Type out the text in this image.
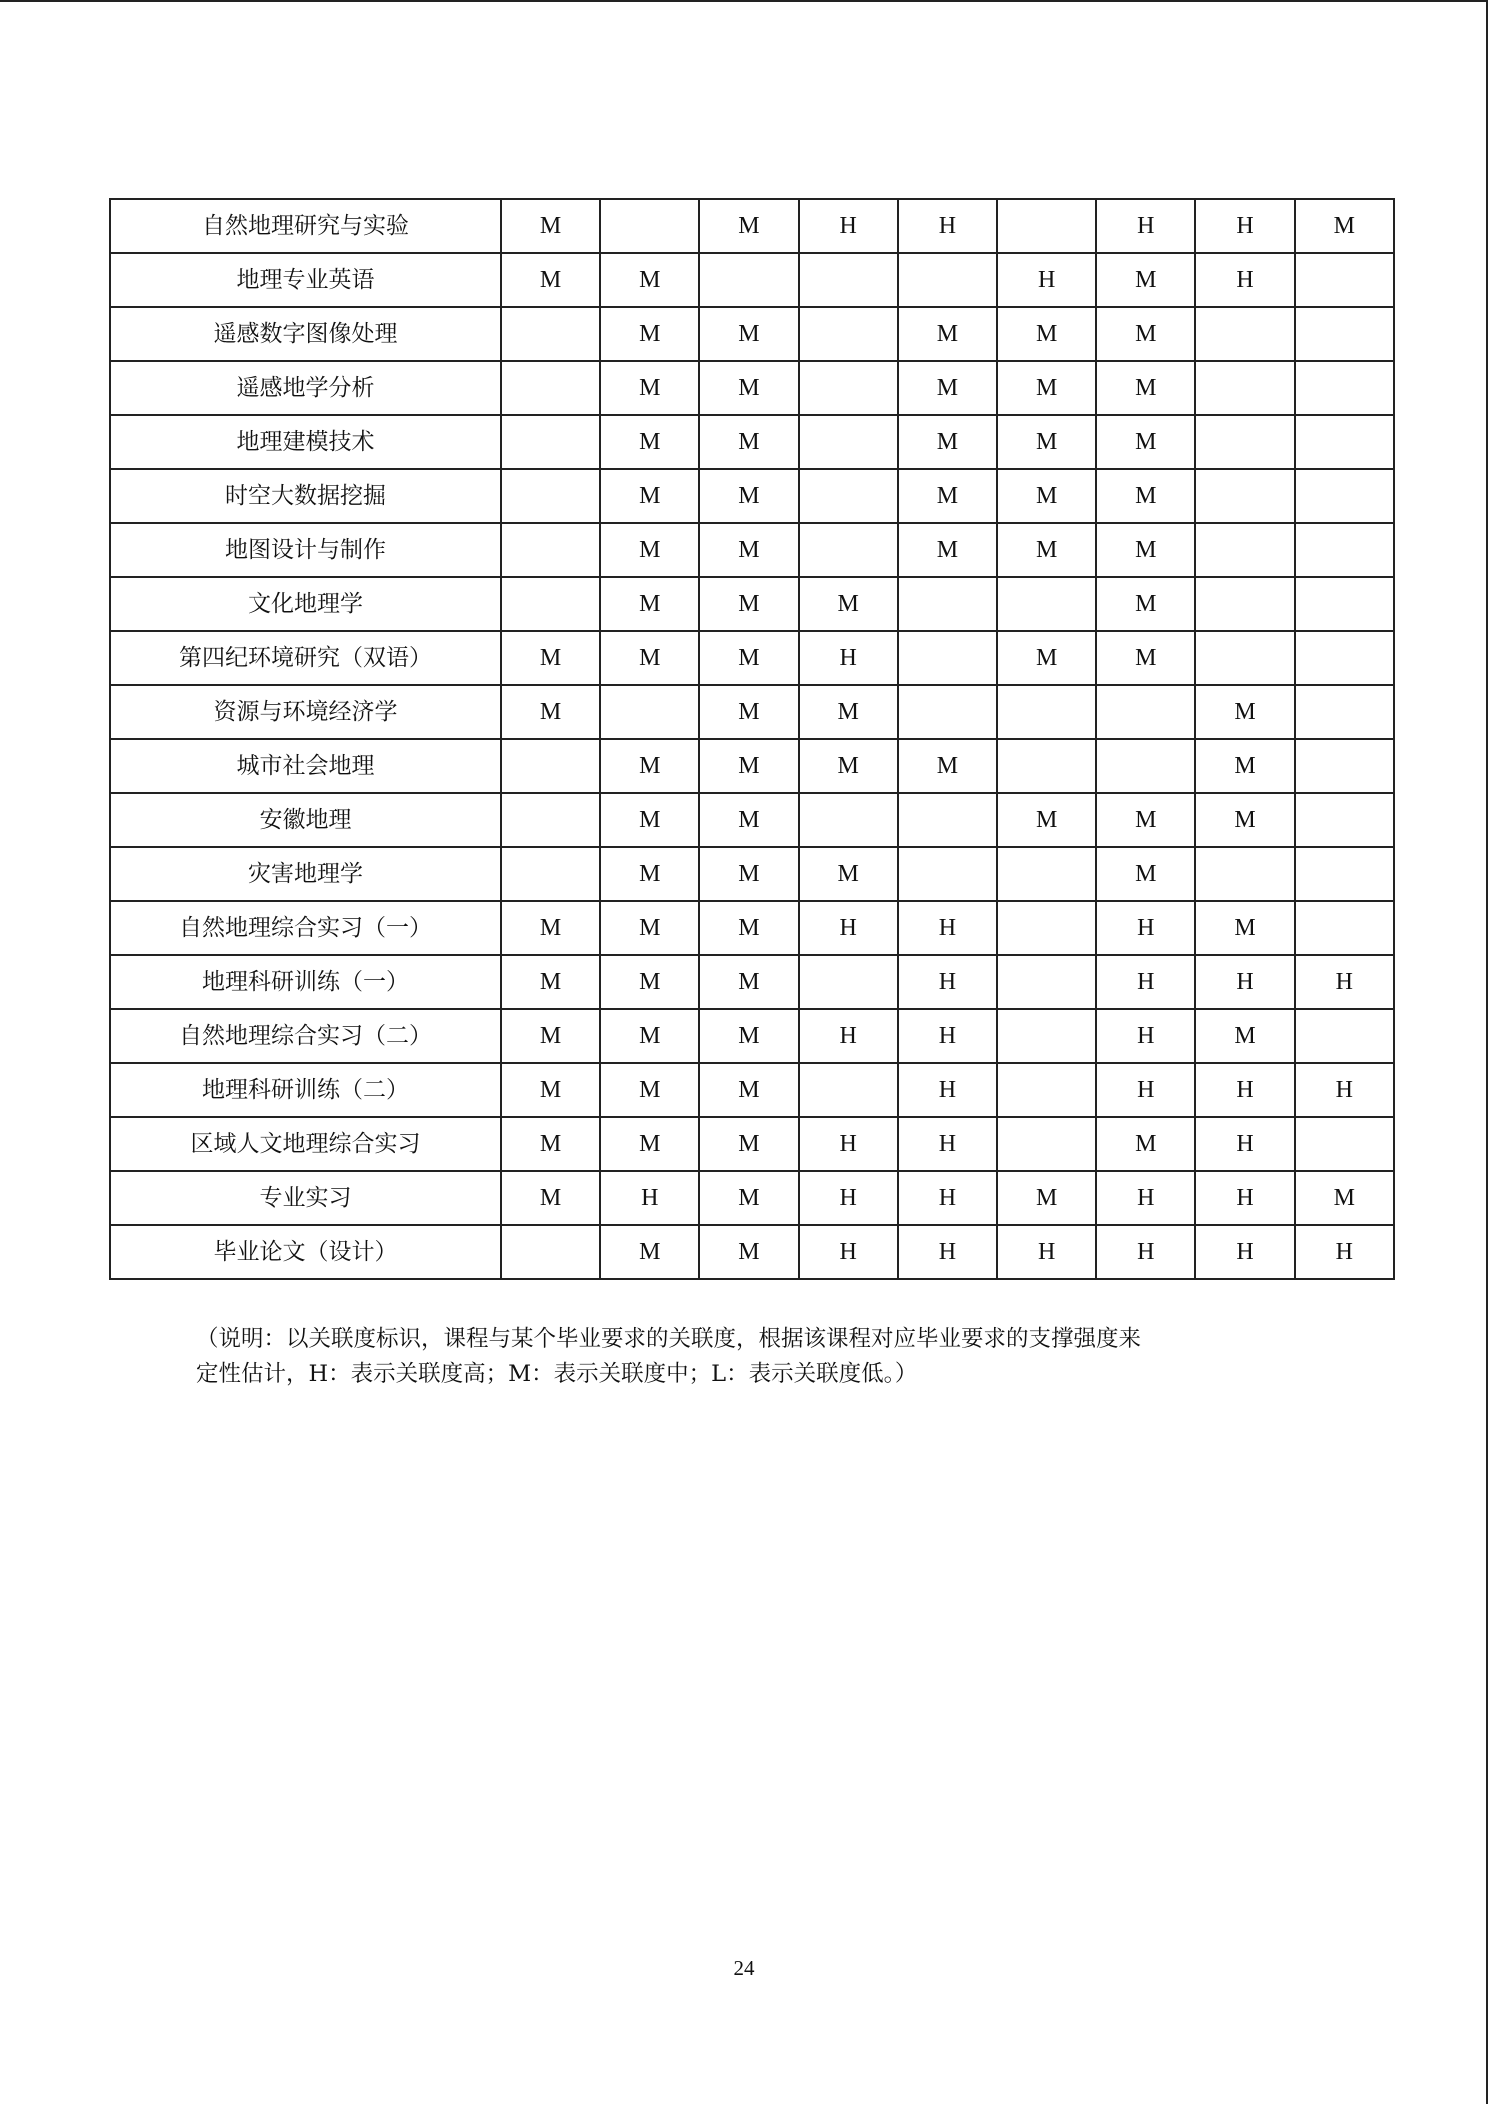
自然地理研究与实验	M		M	H	H		H	H	M
地理专业英语	M	M				H	M	H	
遥感数字图像处理		M	M		M	M	M		
遥感地学分析		M	M		M	M	M		
地理建模技术		M	M		M	M	M		
时空大数据挖掘		M	M		M	M	M		
地图设计与制作		M	M		M	M	M		
文化地理学		M	M	M			M		
第四纪环境研究（双语）	M	M	M	H		M	M		
资源与环境经济学	M		M	M				M	
城市社会地理		M	M	M	M			M	
安徽地理		M	M			M	M	M	
灾害地理学		M	M	M			M		
自然地理综合实习（一）	M	M	M	H	H		H	M	
地理科研训练（一）	M	M	M		H		H	H	H
自然地理综合实习（二）	M	M	M	H	H		H	M	
地理科研训练（二）	M	M	M		H		H	H	H
区域人文地理综合实习	M	M	M	H	H		M	H	
专业实习	M	H	M	H	H	M	H	H	M
毕业论文（设计）		M	M	H	H	H	H	H	H

（说明：以关联度标识，课程与某个毕业要求的关联度，根据该课程对应毕业要求的支撑强度来

定性估计，H：表示关联度高；M：表示关联度中；L：表示关联度低。）

24
